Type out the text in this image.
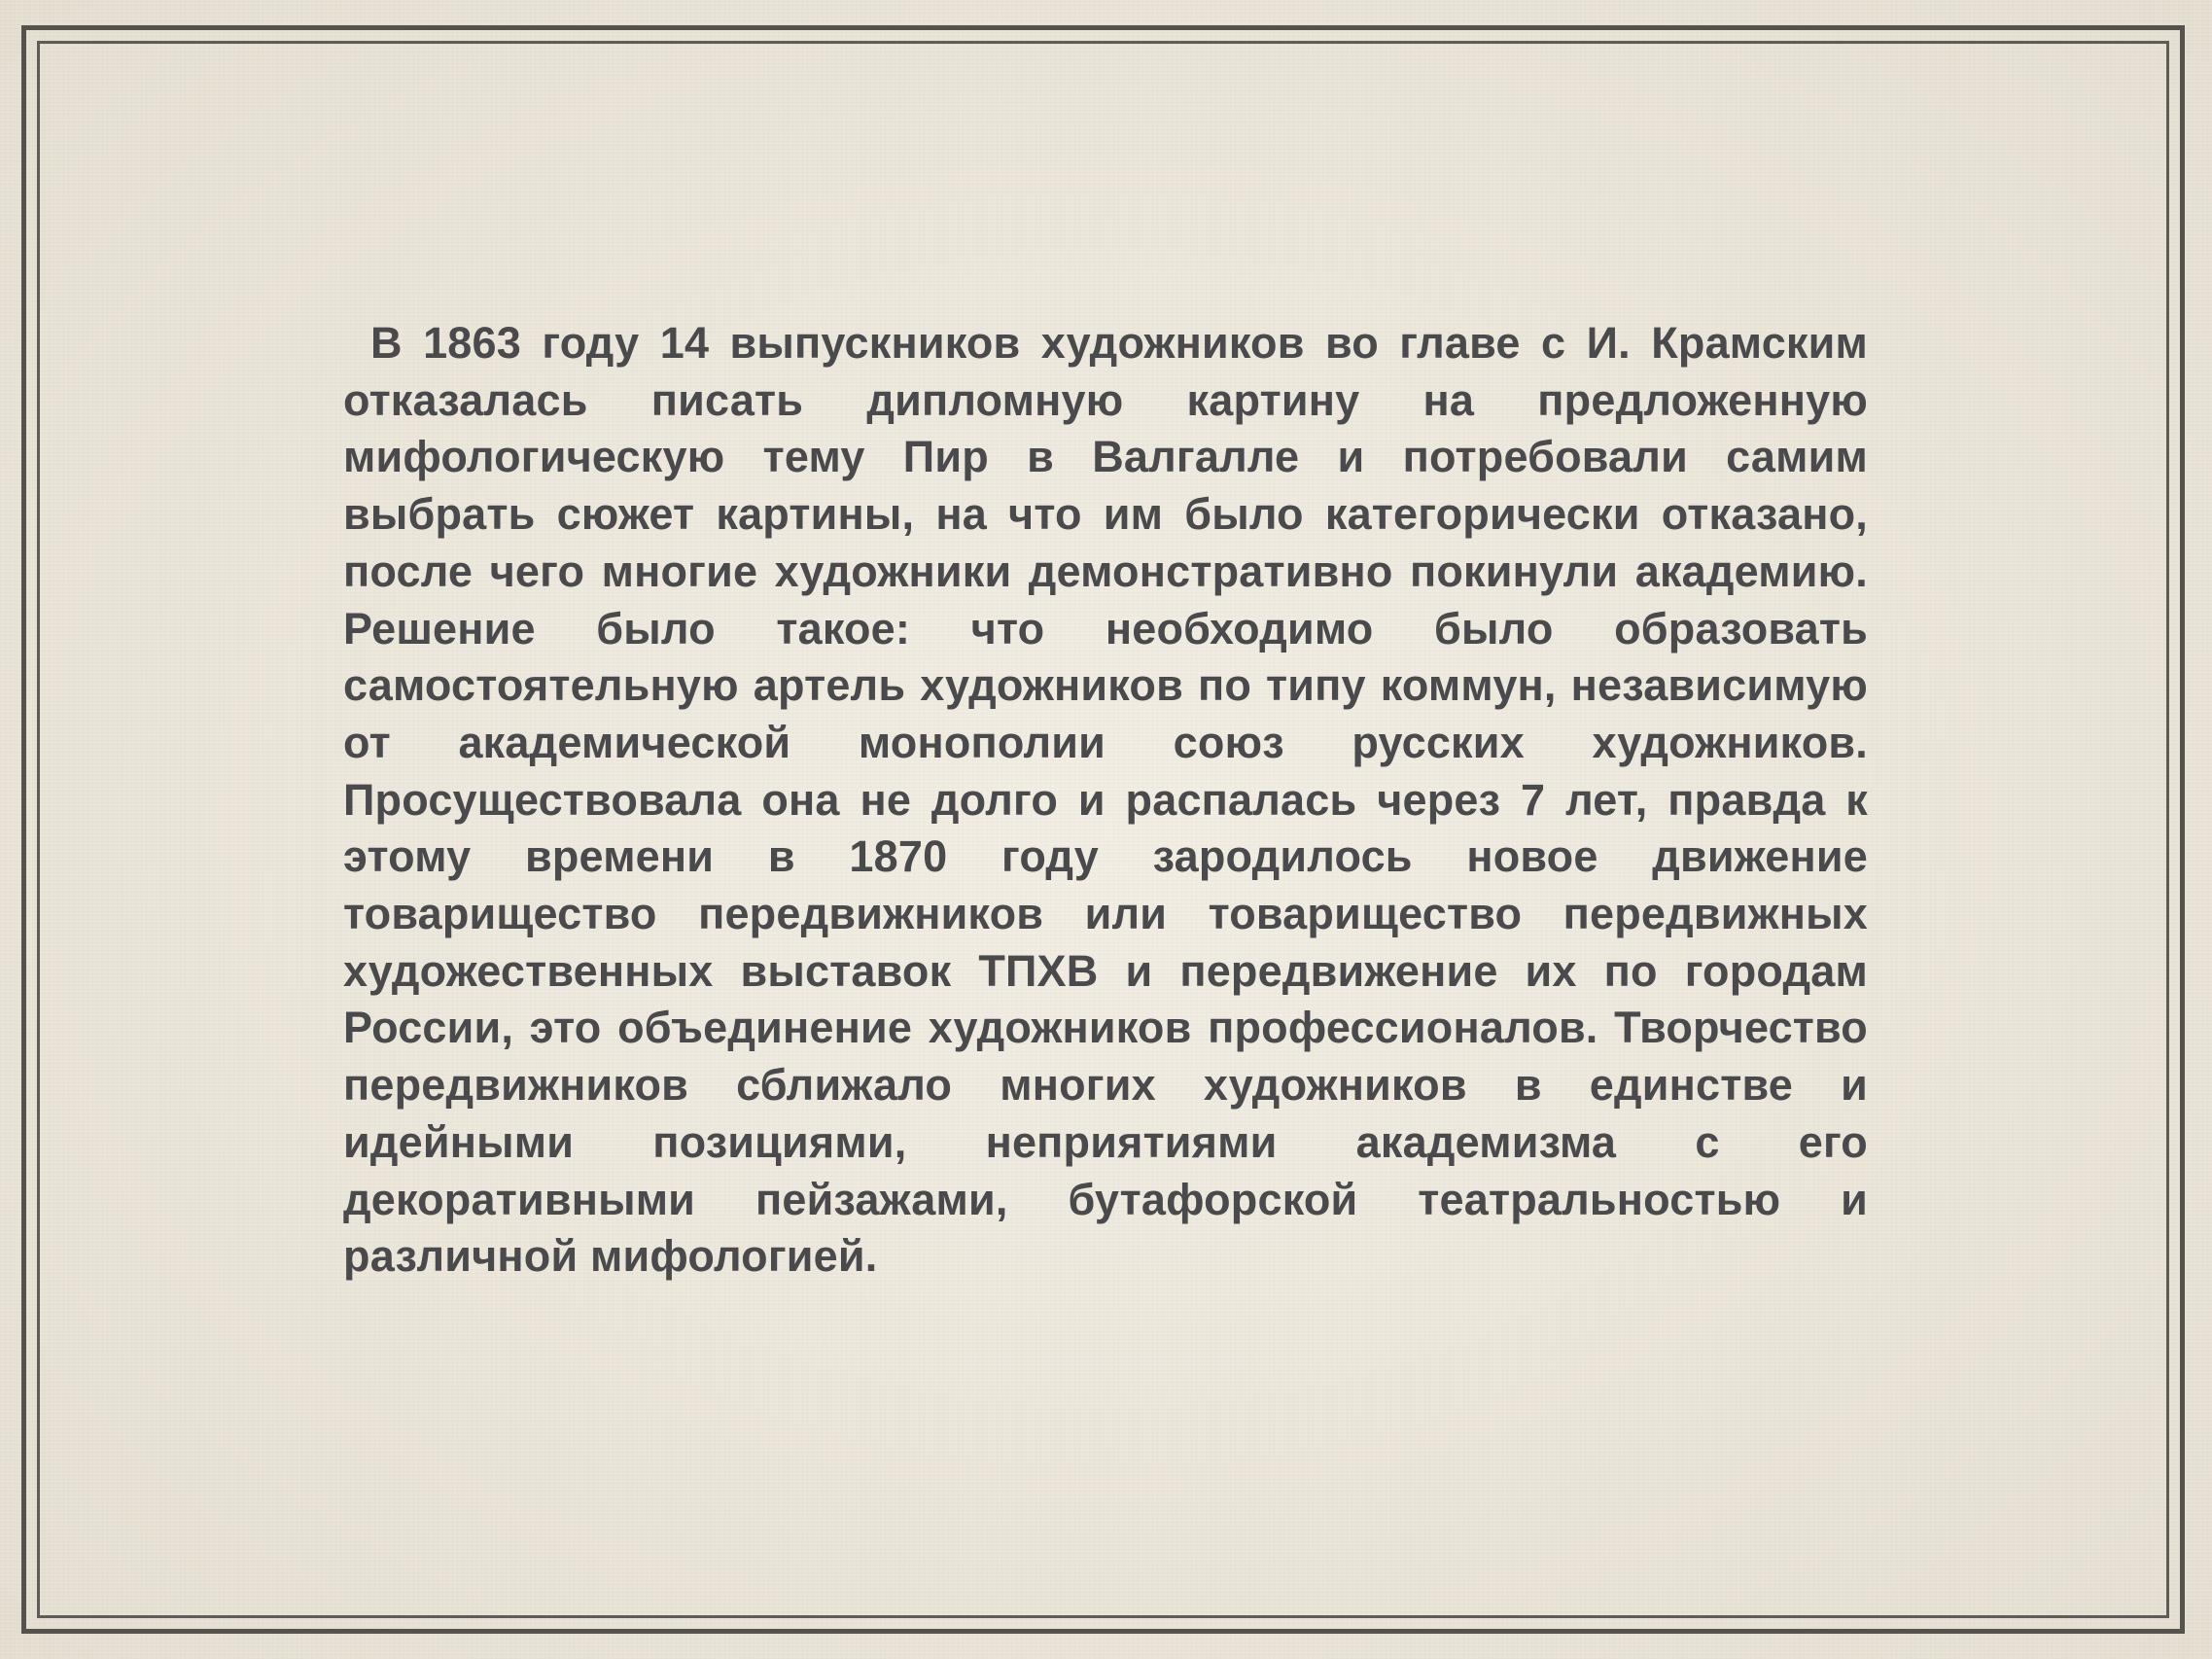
В 1863 году 14 выпускников художников во главе с И. Крамским отказалась писать дипломную картину на предложенную мифологическую тему Пир в Валгалле и потребовали самим выбрать сюжет картины, на что им было категорически отказано, после чего многие художники демонстративно покинули академию. Решение было такое: что необходимо было образовать самостоятельную артель художников по типу коммун, независимую от академической монополии союз русских художников. Просуществовала она не долго и распалась через 7 лет, правда к этому времени в 1870 году зародилось новое движение товарищество передвижников или товарищество передвижных художественных выставок ТПХВ и передвижение их по городам России, это объединение художников профессионалов. Творчество передвижников сближало многих художников в единстве и идейными позициями, неприятиями академизма с его декоративными пейзажами, бутафорской театральностью и различной мифологией.
